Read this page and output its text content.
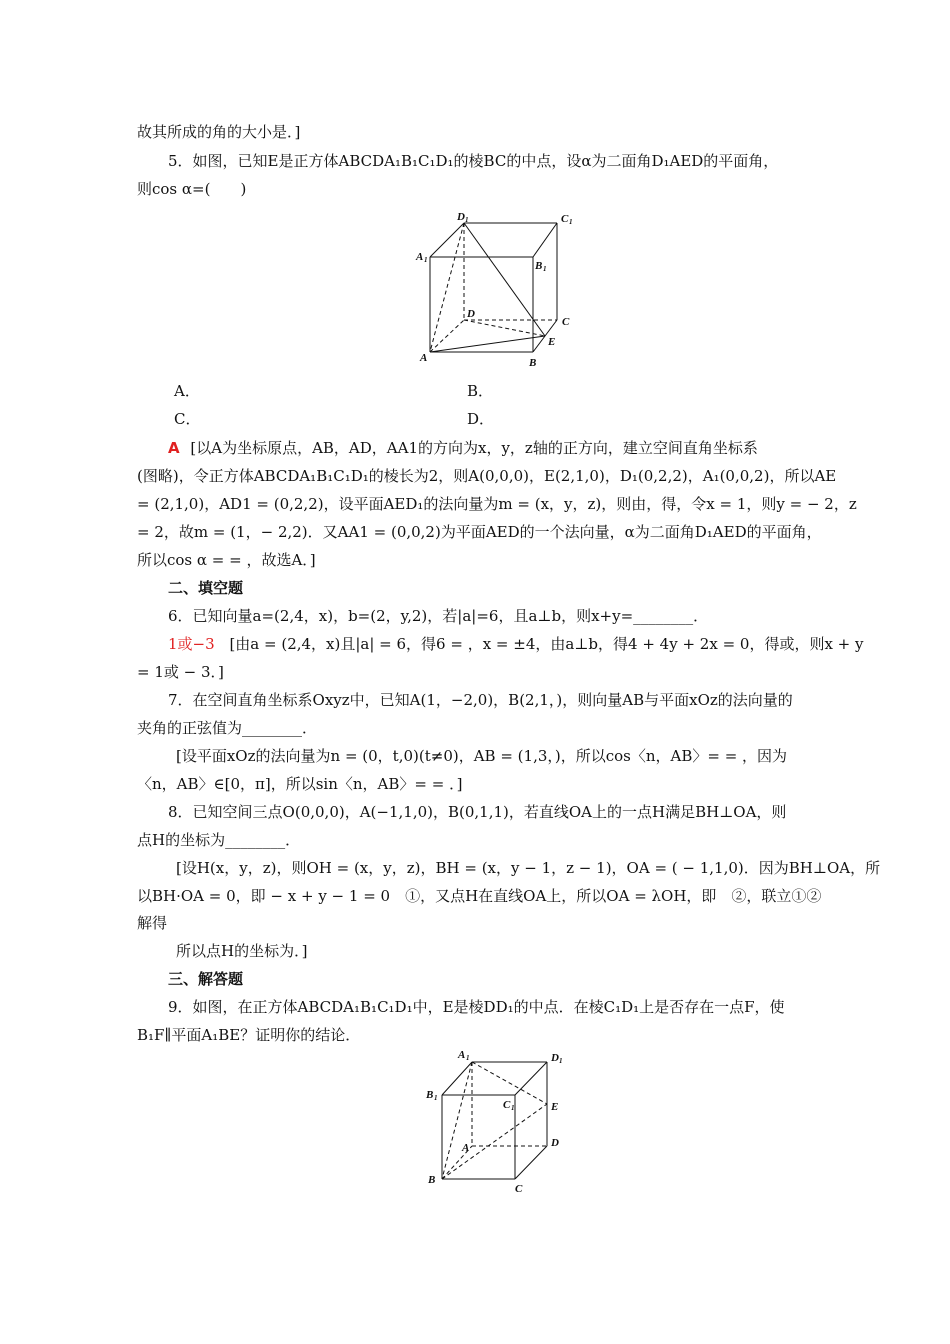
故其所成的角的大小是．]
5．如图，已知E是正方体ABCDA₁B₁C₁D₁的棱BC的中点，设α为二面角D₁AED的平面角，
则cos α=(　　)
D 1	C 1
A 1	B 1
D
C
E
A	B
A．	B．
C．	D．
A [以A为坐标原点，AB，AD，AA1的方向为x，y，z轴的正方向，建立空间直角坐标系
(图略)，令正方体ABCDA₁B₁C₁D₁的棱长为2，则A(0,0,0)，E(2,1,0)，D₁(0,2,2)，A₁(0,0,2)，所以AE
= (2,1,0)，AD1 = (0,2,2)，设平面AED₁的法向量为m = (x，y，z)，则由，得，令x = 1，则y = − 2，z
= 2，故m = (1，− 2,2)．又AA1 = (0,0,2)为平面AED的一个法向量，α为二面角D₁AED的平面角，
所以cos α = = ，故选A．]
二、填空题
6．已知向量a=(2,4，x)，b=(2，y,2)，若|a|=6，且a⊥b，则x+y=________．
1或−3 [由a = (2,4，x)且|a| = 6，得6 = ，x = ±4，由a⊥b，得4 + 4y + 2x = 0，得或，则x + y
= 1或 − 3．]
7．在空间直角坐标系Oxyz中，已知A(1，−2,0)，B(2,1，)，则向量AB与平面xOz的法向量的
夹角的正弦值为________．
[设平面xOz的法向量为n = (0，t,0)(t≠0)，AB = (1,3，)，所以cos〈n，AB〉= = ，因为
〈n，AB〉∈[0，π]，所以sin〈n，AB〉= = ．]
8．已知空间三点O(0,0,0)，A(−1,1,0)，B(0,1,1)，若直线OA上的一点H满足BH⊥OA，则
点H的坐标为________．
[设H(x，y，z)，则OH = (x，y，z)，BH = (x，y − 1，z − 1)，OA = ( − 1,1,0)．因为BH⊥OA，所
以BH·OA = 0，即 − x + y − 1 = 0　①，又点H在直线OA上，所以OA = λOH，即　②，联立①②
解得
所以点H的坐标为．]
三、解答题
9．如图，在正方体ABCDA₁B₁C₁D₁中，E是棱DD₁的中点．在棱C₁D₁上是否存在一点F，使
B₁F∥平面A₁BE？证明你的结论．
A 1	D 1
B 1
C 1	E
A	D
B
C
